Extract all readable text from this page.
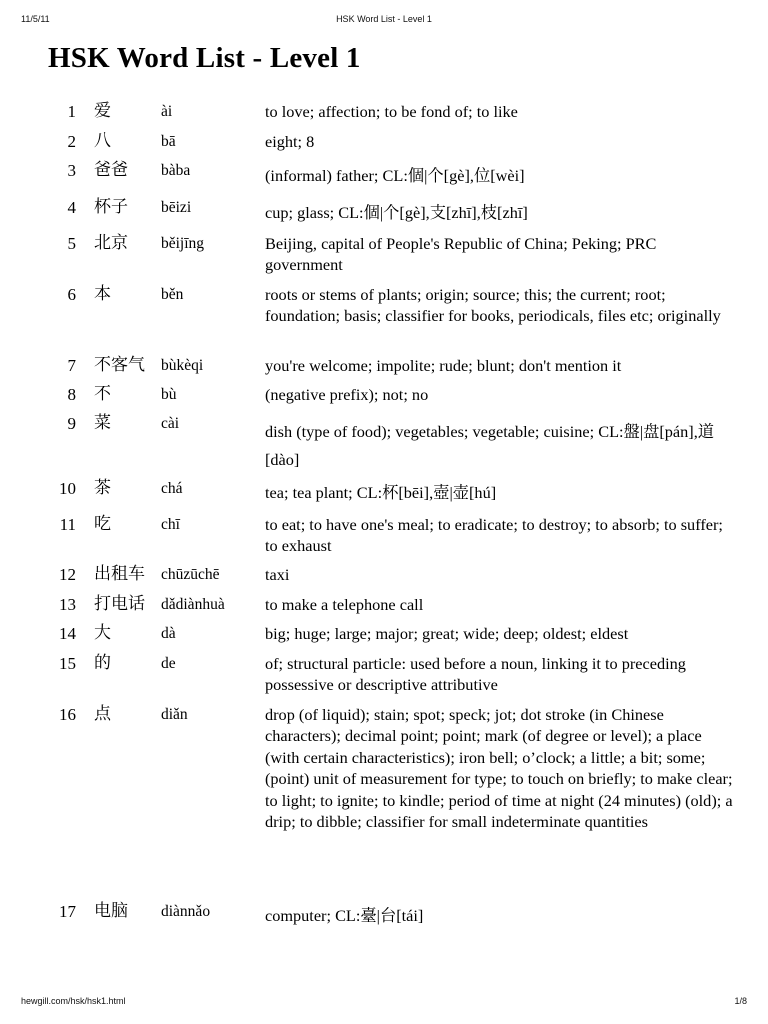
11/5/11	HSK Word List - Level 1
HSK Word List - Level 1
1 爱	ài	to love; affection; to be fond of; to like
2 八	bā	eight; 8
3 爸爸 bàba	(informal) father; CL:個|个[gè],位[wèi]
4 杯子 bēizi	cup; glass; CL:個|个[gè],支[zhī],枝[zhī]
5 北京 běijīng	Beijing, capital of People's Republic of China; Peking; PRC government
6 本	běn	roots or stems of plants; origin; source; this; the current; root; foundation; basis; classifier for books, periodicals, files etc; originally
7 不客气 bùkèqi	you're welcome; impolite; rude; blunt; don't mention it
8 不	bù	(negative prefix); not; no
9 菜	cài	dish (type of food); vegetables; vegetable; cuisine; CL:盤|盘[pán],道[dào]
10 茶	chá	tea; tea plant; CL:杯[bēi],壺|壶[hú]
11 吃	chī	to eat; to have one's meal; to eradicate; to destroy; to absorb; to suffer; to exhaust
12 出租车 chūzūchē	taxi
13 打电话 dǎdiànhuà to make a telephone call
14 大	dà	big; huge; large; major; great; wide; deep; oldest; eldest
15 的	de	of; structural particle: used before a noun, linking it to preceding possessive or descriptive attributive
16 点	diǎn	drop (of liquid); stain; spot; speck; jot; dot stroke (in Chinese characters); decimal point; point; mark (of degree or level); a place (with certain characteristics); iron bell; o’clock; a little; a bit; some; (point) unit of measurement for type; to touch on briefly; to make clear; to light; to ignite; to kindle; period of time at night (24 minutes) (old); a drip; to dibble; classifier for small indeterminate quantities
17 电脑 diànnǎo	computer; CL:臺|台[tái]
hewgill.com/hsk/hsk1.html	1/8
